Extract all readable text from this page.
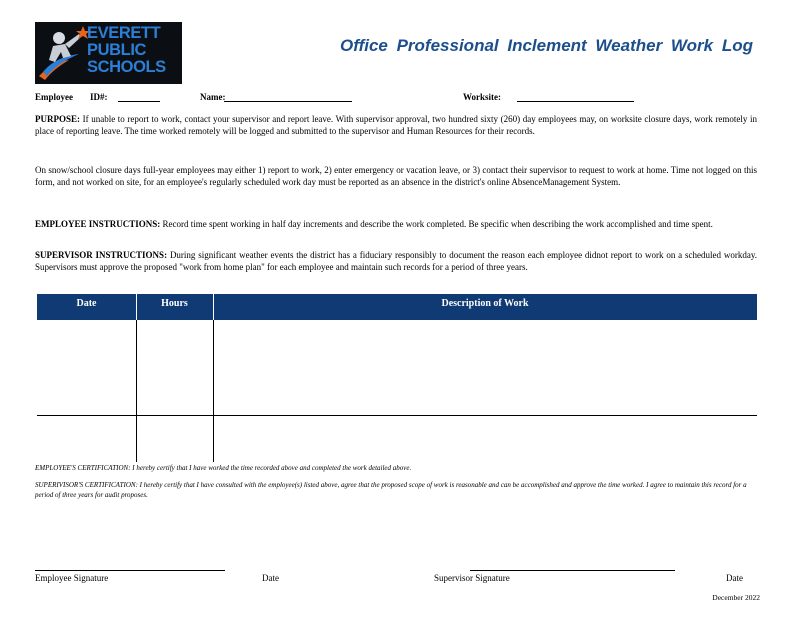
EVERETT
PUBLIC
SCHOOLS
Office Professional Inclement Weather Work Log
Employee ID#:	Name:	Worksite:
PURPOSE: If unable to report to work, contact your supervisor and report leave. With supervisor approval, two hundred sixty (260) day employees may, on worksite closure days, work remotely in place of reporting leave. The time worked remotely will be logged and submitted to the supervisor and Human Resources for their records.
On snow/school closure days full-year employees may either 1) report to work, 2) enter emergency or vacation leave, or 3) contact their supervisor to request to work at home. Time not logged on this form, and not worked on site, for an employee's regularly scheduled work day must be reported as an absence in the district's online AbsenceManagement System.
EMPLOYEE INSTRUCTIONS: Record time spent working in half day increments and describe the work completed. Be specific when describing the work accomplished and time spent.
SUPERVISOR INSTRUCTIONS: During significant weather events the district has a fiduciary responsibly to document the reason each employee didnot report to work on a scheduled workday. Supervisors must approve the proposed "work from home plan" for each employee and maintain such records for a period of three years.
Date	Hours	Description of Work
EMPLOYEE'S CERTIFICATION: I hereby certify that I have worked the time recorded above and completed the work detailed above.
SUPERIVISOR'S CERTIFICATION: I hereby certify that I have consulted with the employee(s) listed above, agree that the proposed scope of work is reasonable and can be accomplished and approve the time worked. I agree to maintain this record for a period of three years for audit proposes.
Employee Signature	Date	Supervisor Signature	Date
December 2022
